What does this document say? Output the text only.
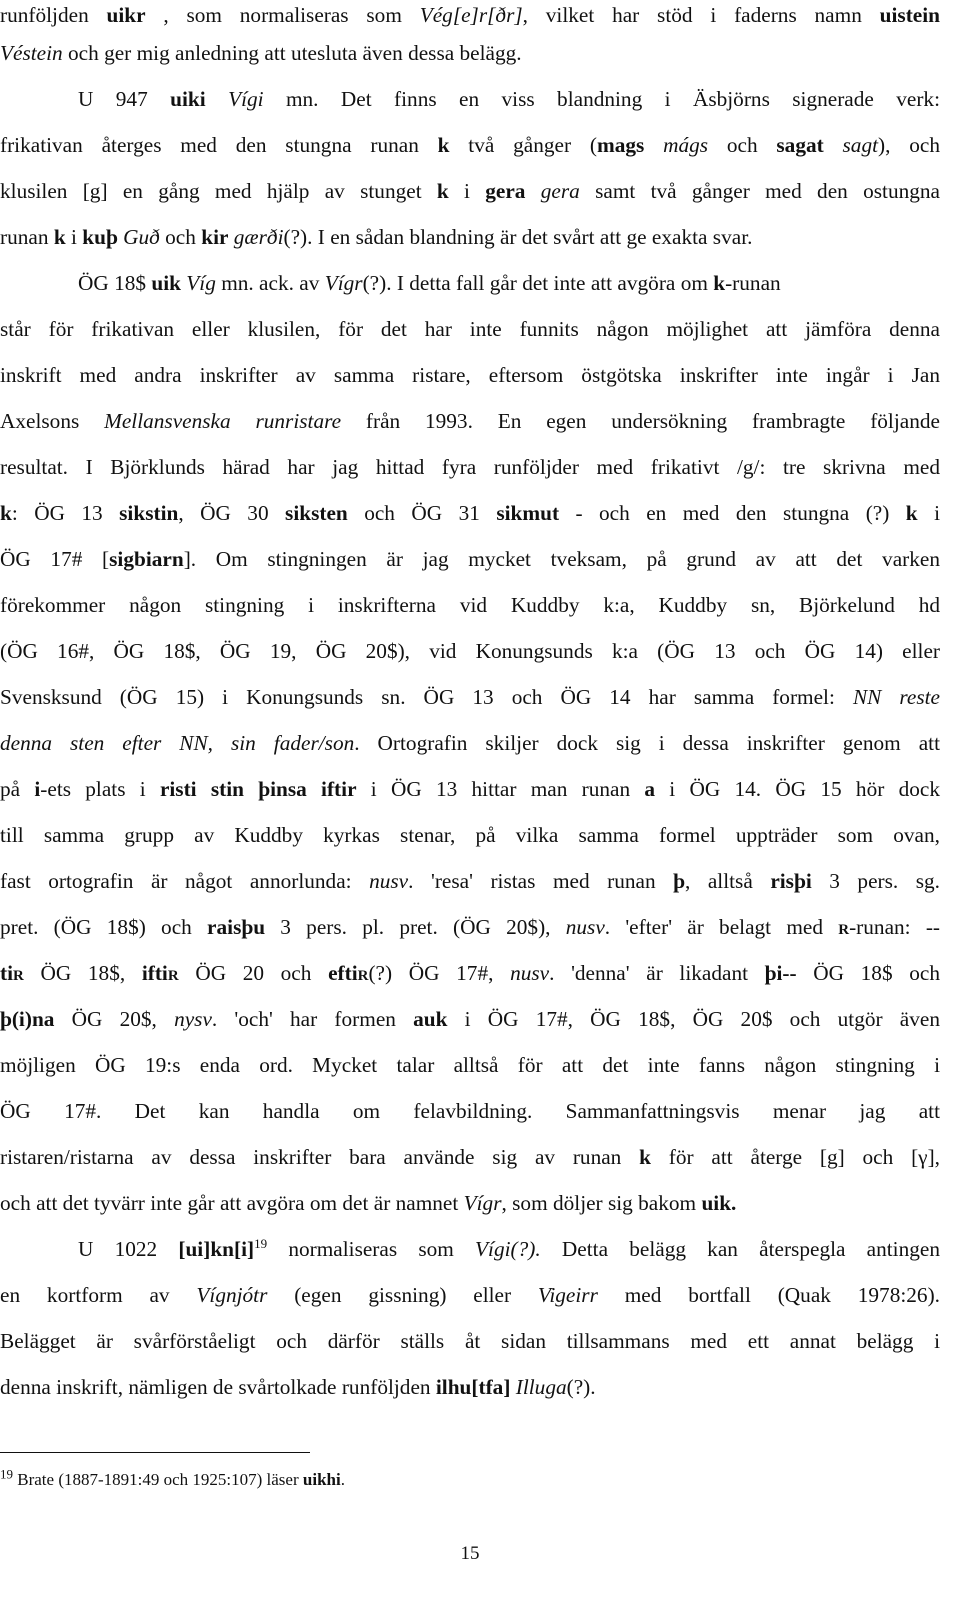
runföljden uikr , som normaliseras som Vég[e]r[ðr], vilket har stöd i faderns namn uistein
Véstein och ger mig anledning att utesluta även dessa belägg.
U 947 uiki Vígi mn. Det finns en viss blandning i Äsbjörns signerade verk:
frikativan återges med den stungna runan k två gånger (mags mágs och sagat sagt), och
klusilen [g] en gång med hjälp av stunget k i gera gera samt två gånger med den ostungna
runan k i kuþ Guð och kir gærði(?). I en sådan blandning är det svårt att ge exakta svar.
ÖG 18$ uik Víg mn. ack. av Vígr(?). I detta fall går det inte att avgöra om k-runan
står för frikativan eller klusilen, för det har inte funnits någon möjlighet att jämföra denna
inskrift med andra inskrifter av samma ristare, eftersom östgötska inskrifter inte ingår i Jan
Axelsons Mellansvenska runristare från 1993. En egen undersökning frambragte följande
resultat. I Björklunds härad har jag hittad fyra runföljder med frikativt /g/: tre skrivna med
k: ÖG 13 sikstin, ÖG 30 siksten och ÖG 31 sikmut - och en med den stungna (?) k i
ÖG 17# [sigbiarn]. Om stingningen är jag mycket tveksam, på grund av att det varken
förekommer någon stingning i inskrifterna vid Kuddby k:a, Kuddby sn, Björkelund hd
(ÖG 16#, ÖG 18$, ÖG 19, ÖG 20$), vid Konungsunds k:a (ÖG 13 och ÖG 14) eller
Svensksund (ÖG 15) i Konungsunds sn. ÖG 13 och ÖG 14 har samma formel: NN reste
denna sten efter NN, sin fader/son. Ortografin skiljer dock sig i dessa inskrifter genom att
på i-ets plats i risti stin þinsa iftir i ÖG 13 hittar man runan a i ÖG 14. ÖG 15 hör dock
till samma grupp av Kuddby kyrkas stenar, på vilka samma formel uppträder som ovan,
fast ortografin är något annorlunda: nusv. 'resa' ristas med runan þ, alltså risþi 3 pers. sg.
pret. (ÖG 18$) och raisþu 3 pers. pl. pret. (ÖG 20$), nusv. 'efter' är belagt med R-runan: --
tiR ÖG 18$, iftiR ÖG 20 och eftiR(?) ÖG 17#, nusv. 'denna' är likadant þi-- ÖG 18$ och
þ(i)na ÖG 20$, nysv. 'och' har formen auk i ÖG 17#, ÖG 18$, ÖG 20$ och utgör även
möjligen ÖG 19:s enda ord. Mycket talar alltså för att det inte fanns någon stingning i
ÖG 17#. Det kan handla om felavbildning. Sammanfattningsvis menar jag att
ristaren/ristarna av dessa inskrifter bara använde sig av runan k för att återge [g] och [γ],
och att det tyvärr inte går att avgöra om det är namnet Vígr, som döljer sig bakom uik.
U 1022 $[ui]kn[i]^{19}$ normaliseras som Vígi(?). Detta belägg kan återspegla antingen
en kortform av Vígnjótr (egen gissning) eller Vigeirr med bortfall (Quak 1978:26).
Belägget är svårförståeligt och därför ställs åt sidan tillsammans med ett annat belägg i
denna inskrift, nämligen de svårtolkade runföljden ilhu[tfa] Illuga(?).
$^{19}$ Brate (1887-1891:49 och 1925:107) läser uikhi.
15
